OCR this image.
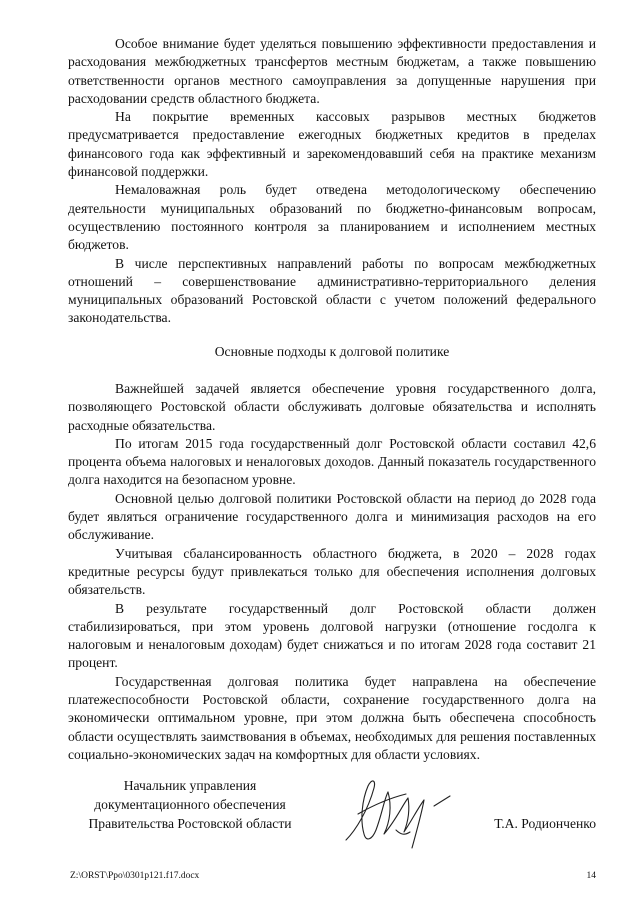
Особое внимание будет уделяться повышению эффективности предоставления и расходования межбюджетных трансфертов местным бюджетам, а также повышению ответственности органов местного самоуправления за допущенные нарушения при расходовании средств областного бюджета.

На покрытие временных кассовых разрывов местных бюджетов предусматривается предоставление ежегодных бюджетных кредитов в пределах финансового года как эффективный и зарекомендовавший себя на практике механизм финансовой поддержки.

Немаловажная роль будет отведена методологическому обеспечению деятельности муниципальных образований по бюджетно-финансовым вопросам, осуществлению постоянного контроля за планированием и исполнением местных бюджетов.

В числе перспективных направлений работы по вопросам межбюджетных отношений – совершенствование административно-территориального деления муниципальных образований Ростовской области с учетом положений федерального законодательства.

Основные подходы к долговой политике

Важнейшей задачей является обеспечение уровня государственного долга, позволяющего Ростовской области обслуживать долговые обязательства и исполнять расходные обязательства.

По итогам 2015 года государственный долг Ростовской области составил 42,6 процента объема налоговых и неналоговых доходов. Данный показатель государственного долга находится на безопасном уровне.

Основной целью долговой политики Ростовской области на период до 2028 года будет являться ограничение государственного долга и минимизация расходов на его обслуживание.

Учитывая сбалансированность областного бюджета, в 2020 – 2028 годах кредитные ресурсы будут привлекаться только для обеспечения исполнения долговых обязательств.

В результате государственный долг Ростовской области должен стабилизироваться, при этом уровень долговой нагрузки (отношение госдолга к налоговым и неналоговым доходам) будет снижаться и по итогам 2028 года составит 21 процент.

Государственная долговая политика будет направлена на обеспечение платежеспособности Ростовской области, сохранение государственного долга на экономически оптимальном уровне, при этом должна быть обеспечена способность области осуществлять заимствования в объемах, необходимых для решения поставленных социально-экономических задач на комфортных для области условиях.

Начальник управления
документационного обеспечения
Правительства Ростовской области	Т.А. Родионченко
Z:\ORST\Ppo\0301p121.f17.docx	14
